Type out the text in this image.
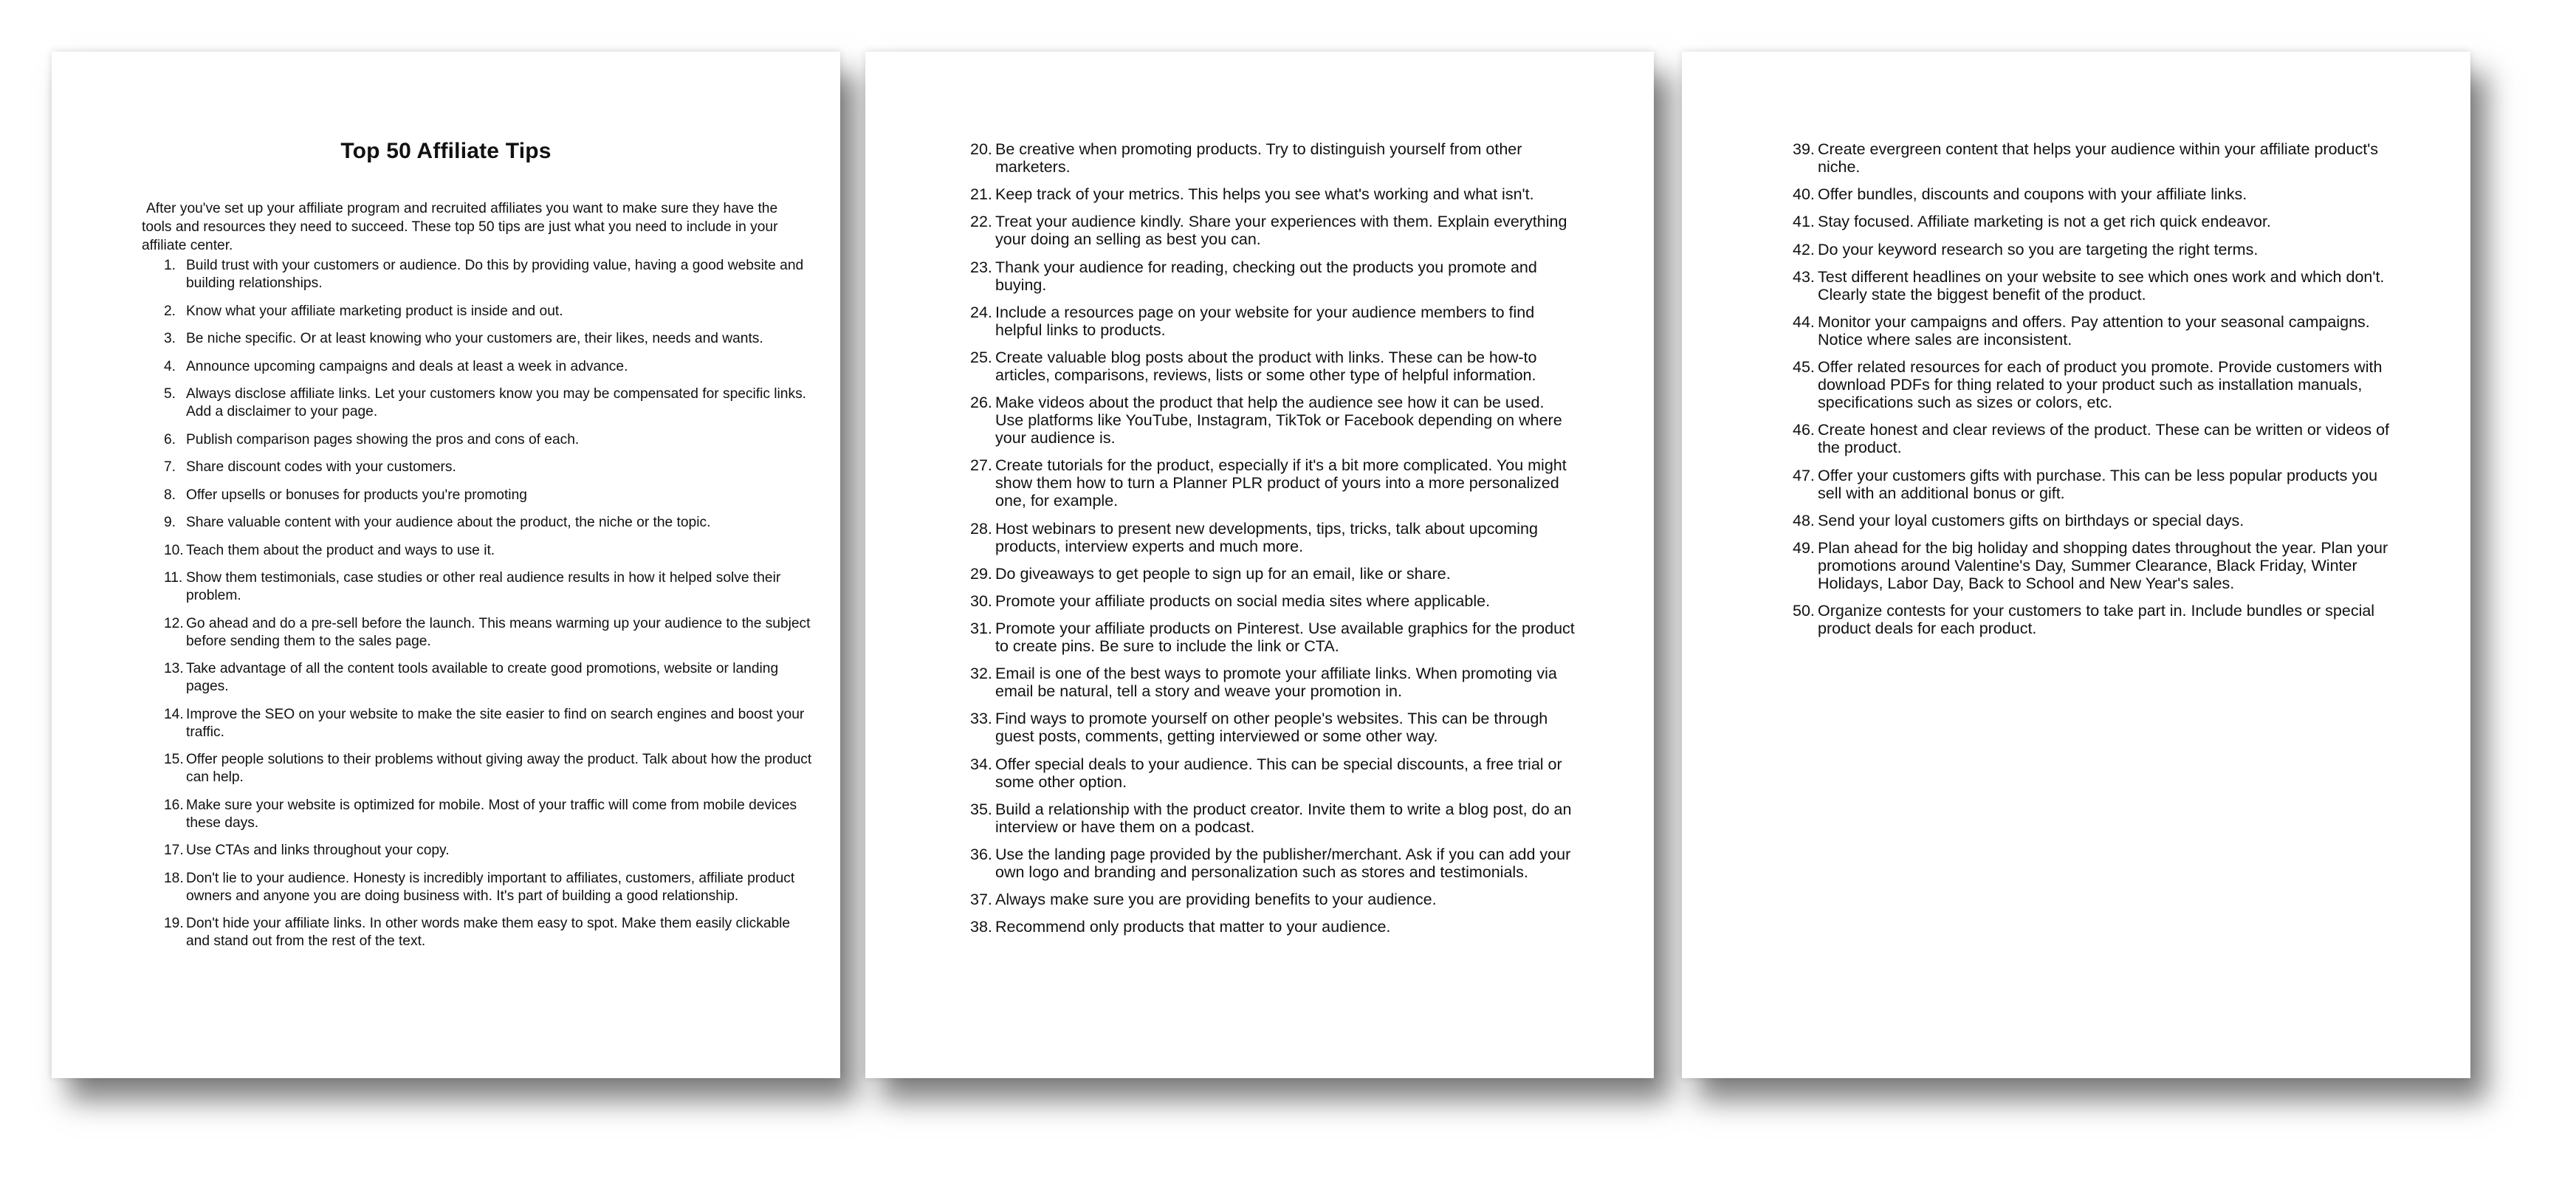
Top 50 Affiliate Tips
After you've set up your affiliate program and recruited affiliates you want to make sure they have the tools and resources they need to succeed. These top 50 tips are just what you need to include in your affiliate center.
1. Build trust with your customers or audience. Do this by providing value, having a good website and building relationships.
2. Know what your affiliate marketing product is inside and out.
3. Be niche specific. Or at least knowing who your customers are, their likes, needs and wants.
4. Announce upcoming campaigns and deals at least a week in advance.
5. Always disclose affiliate links. Let your customers know you may be compensated for specific links. Add a disclaimer to your page.
6. Publish comparison pages showing the pros and cons of each.
7. Share discount codes with your customers.
8. Offer upsells or bonuses for products you're promoting
9. Share valuable content with your audience about the product, the niche or the topic.
10. Teach them about the product and ways to use it.
11. Show them testimonials, case studies or other real audience results in how it helped solve their problem.
12. Go ahead and do a pre-sell before the launch. This means warming up your audience to the subject before sending them to the sales page.
13. Take advantage of all the content tools available to create good promotions, website or landing pages.
14. Improve the SEO on your website to make the site easier to find on search engines and boost your traffic.
15. Offer people solutions to their problems without giving away the product. Talk about how the product can help.
16. Make sure your website is optimized for mobile. Most of your traffic will come from mobile devices these days.
17. Use CTAs and links throughout your copy.
18. Don't lie to your audience. Honesty is incredibly important to affiliates, customers, affiliate product owners and anyone you are doing business with. It's part of building a good relationship.
19. Don't hide your affiliate links. In other words make them easy to spot. Make them easily clickable and stand out from the rest of the text.
20. Be creative when promoting products. Try to distinguish yourself from other marketers.
21. Keep track of your metrics. This helps you see what's working and what isn't.
22. Treat your audience kindly. Share your experiences with them. Explain everything your doing an selling as best you can.
23. Thank your audience for reading, checking out the products you promote and buying.
24. Include a resources page on your website for your audience members to find helpful links to products.
25. Create valuable blog posts about the product with links. These can be how-to articles, comparisons, reviews, lists or some other type of helpful information.
26. Make videos about the product that help the audience see how it can be used. Use platforms like YouTube, Instagram, TikTok or Facebook depending on where your audience is.
27. Create tutorials for the product, especially if it's a bit more complicated. You might show them how to turn a Planner PLR product of yours into a more personalized one, for example.
28. Host webinars to present new developments, tips, tricks, talk about upcoming products, interview experts and much more.
29. Do giveaways to get people to sign up for an email, like or share.
30. Promote your affiliate products on social media sites where applicable.
31. Promote your affiliate products on Pinterest. Use available graphics for the product to create pins. Be sure to include the link or CTA.
32. Email is one of the best ways to promote your affiliate links. When promoting via email be natural, tell a story and weave your promotion in.
33. Find ways to promote yourself on other people's websites. This can be through guest posts, comments, getting interviewed or some other way.
34. Offer special deals to your audience. This can be special discounts, a free trial or some other option.
35. Build a relationship with the product creator. Invite them to write a blog post, do an interview or have them on a podcast.
36. Use the landing page provided by the publisher/merchant. Ask if you can add your own logo and branding and personalization such as stores and testimonials.
37. Always make sure you are providing benefits to your audience.
38. Recommend only products that matter to your audience.
39. Create evergreen content that helps your audience within your affiliate product's niche.
40. Offer bundles, discounts and coupons with your affiliate links.
41. Stay focused. Affiliate marketing is not a get rich quick endeavor.
42. Do your keyword research so you are targeting the right terms.
43. Test different headlines on your website to see which ones work and which don't. Clearly state the biggest benefit of the product.
44. Monitor your campaigns and offers. Pay attention to your seasonal campaigns. Notice where sales are inconsistent.
45. Offer related resources for each of product you promote. Provide customers with download PDFs for thing related to your product such as installation manuals, specifications such as sizes or colors, etc.
46. Create honest and clear reviews of the product. These can be written or videos of the product.
47. Offer your customers gifts with purchase. This can be less popular products you sell with an additional bonus or gift.
48. Send your loyal customers gifts on birthdays or special days.
49. Plan ahead for the big holiday and shopping dates throughout the year. Plan your promotions around Valentine's Day, Summer Clearance, Black Friday, Winter Holidays, Labor Day, Back to School and New Year's sales.
50. Organize contests for your customers to take part in. Include bundles or special product deals for each product.
